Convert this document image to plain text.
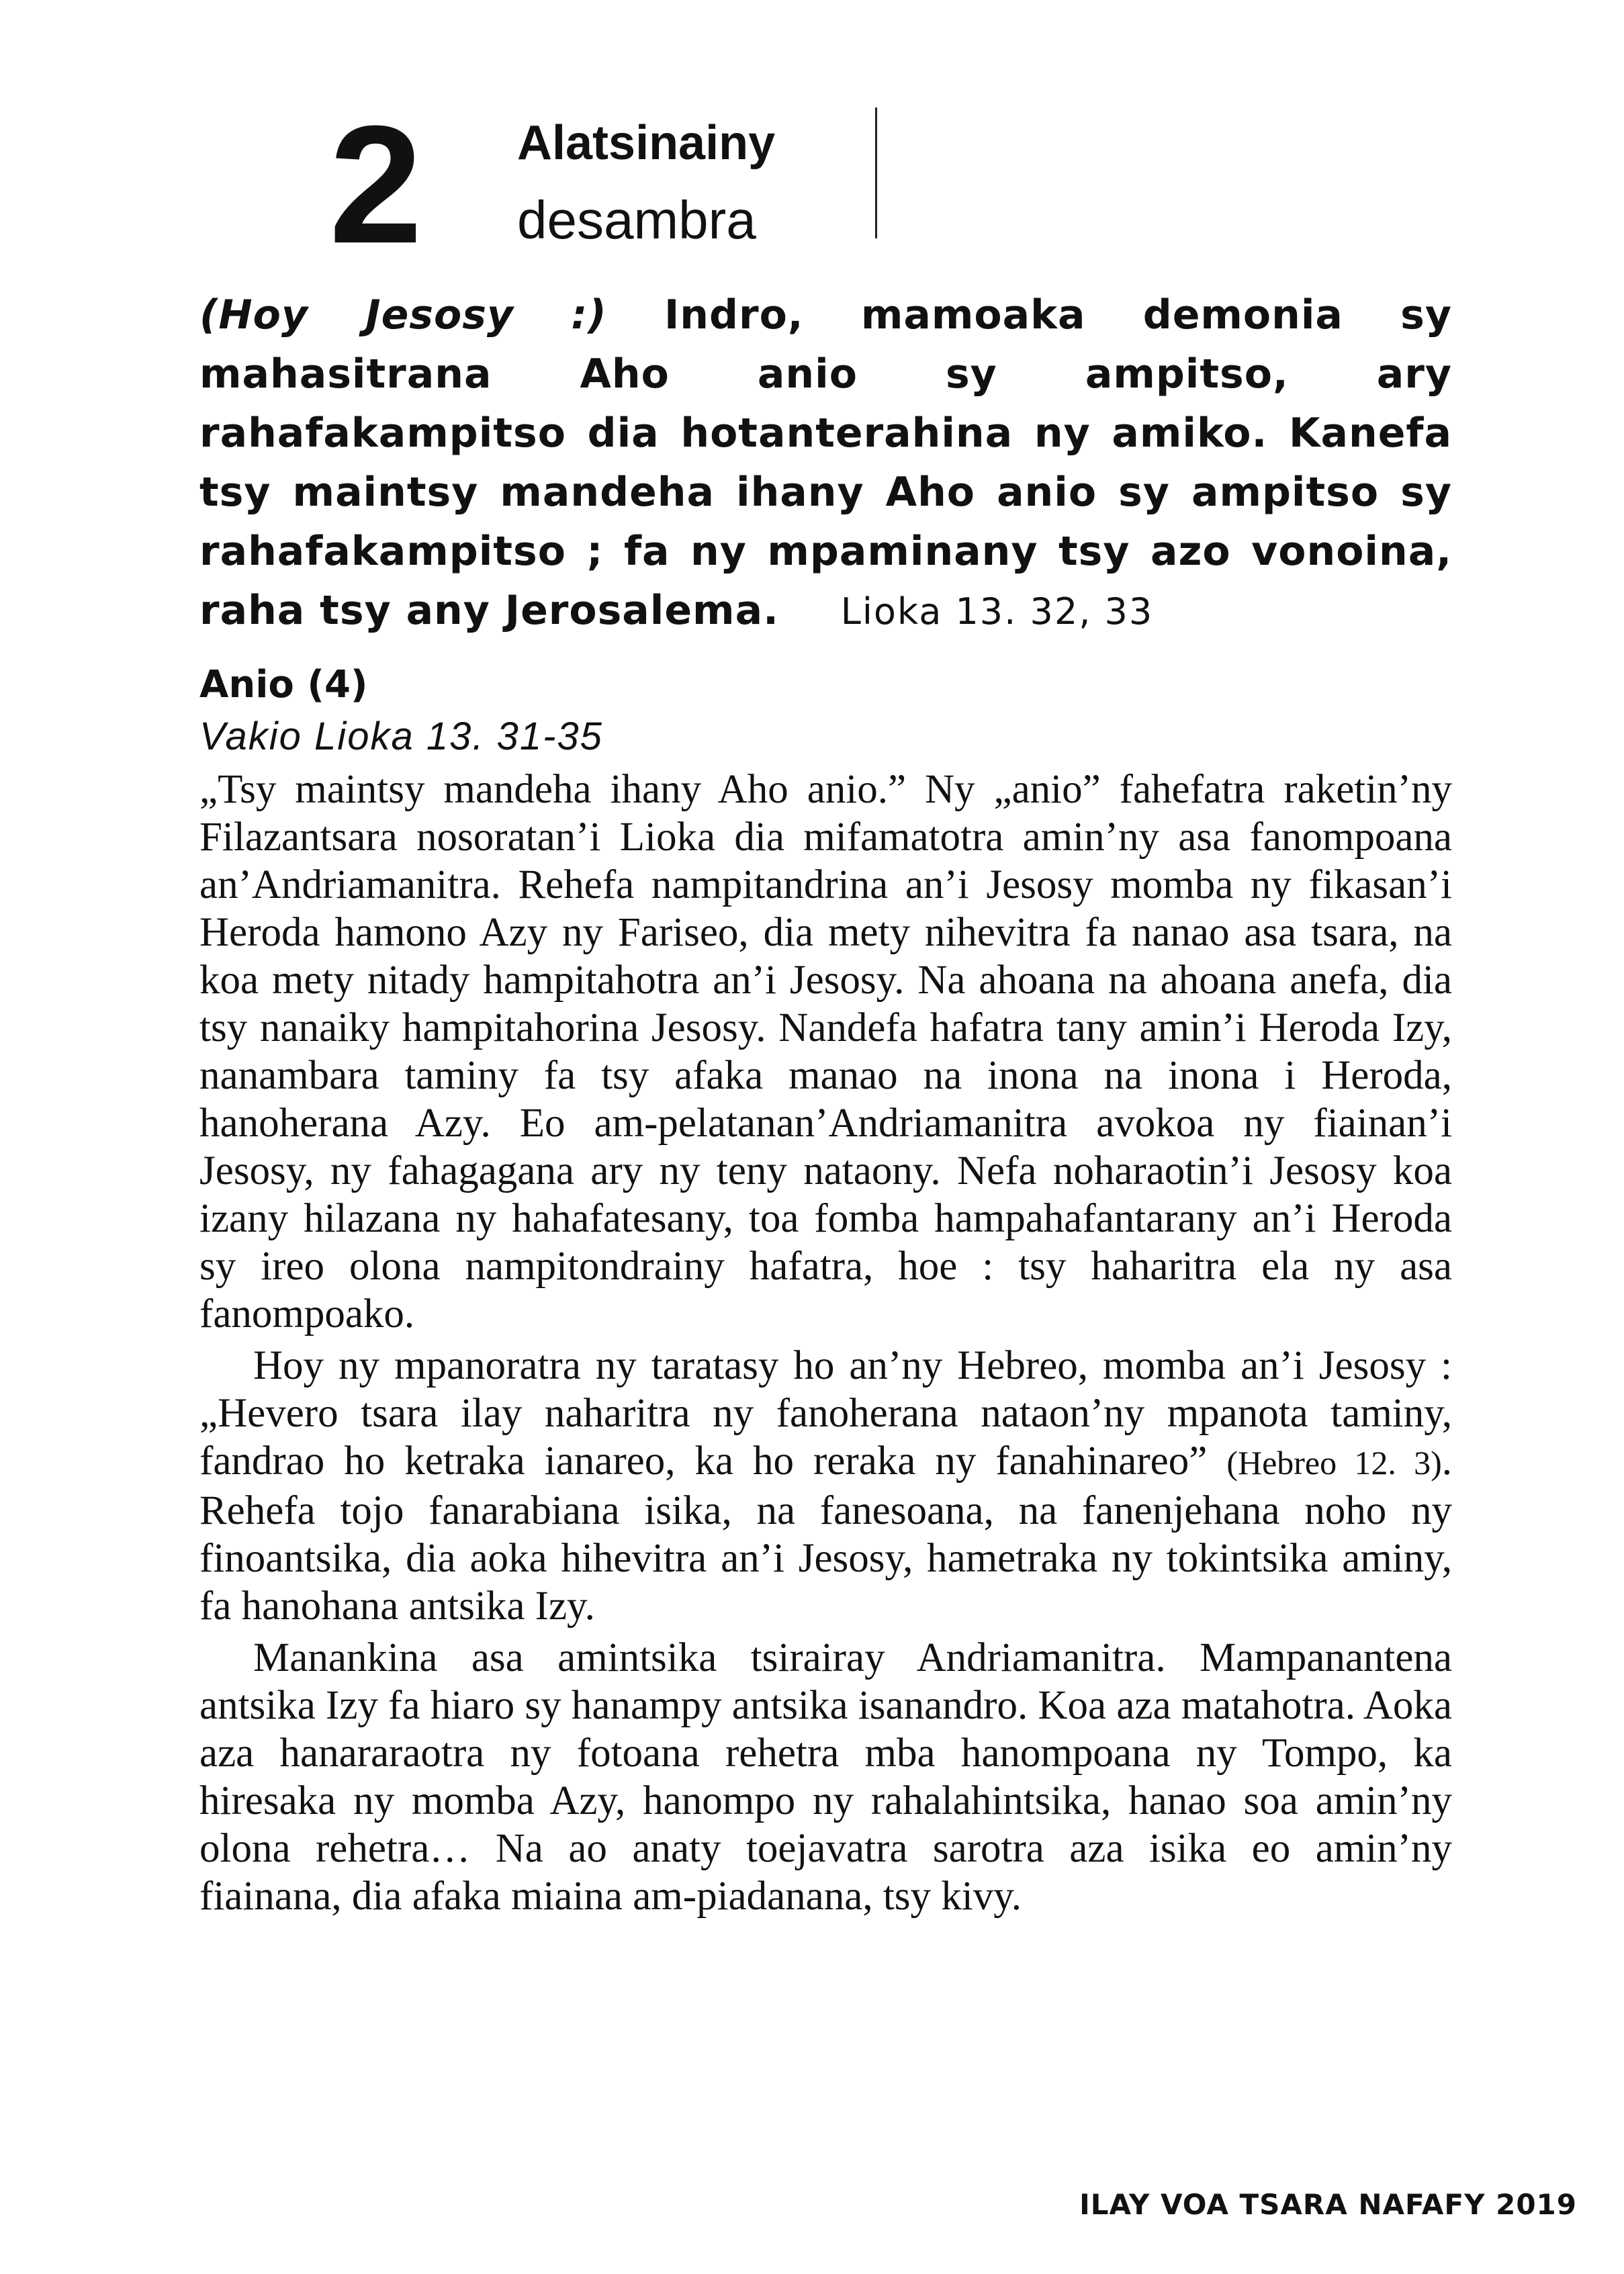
2 Alatsinainy
desambra
(Hoy Jesosy :) Indro, mamoaka demonia sy mahasitrana Aho anio sy ampitso, ary rahafakampitso dia hotanterahina ny amiko. Kanefa tsy maintsy mandeha ihany Aho anio sy ampitso sy rahafakampitso ; fa ny mpaminany tsy azo vonoina, raha tsy any Jerosalema. Lioka 13. 32, 33
Anio (4)
Vakio Lioka 13. 31-35

„Tsy maintsy mandeha ihany Aho anio.” Ny „anio” fahefatra raketin’ny Filazantsara nosoratan’i Lioka dia mifamatotra amin’ny asa fanompoana an’Andriamanitra. Rehefa nampitandrina an’i Jesosy momba ny fikasan’i Heroda hamono Azy ny Fariseo, dia mety nihevitra fa nanao asa tsara, na koa mety nitady hampitahotra an’i Jesosy. Na ahoana na ahoana anefa, dia tsy nanaiky hampitahorina Jesosy. Nandefa hafatra tany amin’i Heroda Izy, nanambara taminy fa tsy afaka manao na inona na inona i Heroda, hanoherana Azy. Eo am-pelatanan’Andriamanitra avokoa ny fiainan’i Jesosy, ny fahagagana ary ny teny nataony. Nefa noharaotin’i Jesosy koa izany hilazana ny hahafatesany, toa fomba hampahafantarany an’i Heroda sy ireo olona nampitondrainy hafatra, hoe : tsy haharitra ela ny asa fanompoako.

Hoy ny mpanoratra ny taratasy ho an’ny Hebreo, momba an’i Jesosy : „Hevero tsara ilay naharitra ny fanoherana nataon’ny mpanota taminy, fandrao ho ketraka ianareo, ka ho reraka ny fanahinareo” (Hebreo 12. 3). Rehefa tojo fanarabiana isika, na fanesoana, na fanenjehana noho ny finoantsika, dia aoka hihevitra an’i Jesosy, hametraka ny tokintsika aminy, fa hanohana antsika Izy.

Manankina asa amintsika tsirairay Andriamanitra. Mampanantena antsika Izy fa hiaro sy hanampy antsika isanandro. Koa aza matahotra. Aoka aza hanararaotra ny fotoana rehetra mba hanompoana ny Tompo, ka hiresaka ny momba Azy, hanompo ny rahalahintsika, hanao soa amin’ny olona rehetra… Na ao anaty toejavatra sarotra aza isika eo amin’ny fiainana, dia afaka miaina am-piadanana, tsy kivy.

ILAY VOA TSARA NAFAFY 2019
